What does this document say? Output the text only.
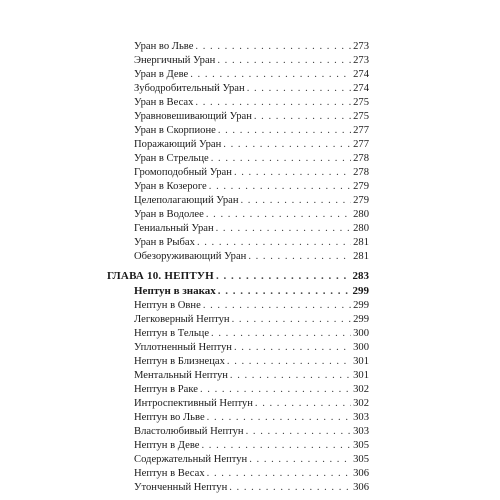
Уран во Льве . . .	273
Энергичный Уран . . .	273
Уран в Деве . . .	274
Зубодробительный Уран . . .	274
Уран в Весах . . .	275
Уравновешивающий Уран . . .	275
Уран в Скорпионе . . .	277
Поражающий Уран . . .	277
Уран в Стрельце . . .	278
Громоподобный Уран . . .	278
Уран в Козероге . . .	279
Целеполагающий Уран . . .	279
Уран в Водолее . . .	280
Гениальный Уран . . .	280
Уран в Рыбах . . .	281
Обезоруживающий Уран . . .	281
ГЛАВА 10. НЕПТУН . . .	283
Нептун в знаках . . .	299
Нептун в Овне . . .	299
Легковерный Нептун . . .	299
Нептун в Тельце . . .	300
Уплотненный Нептун . . .	300
Нептун в Близнецах . . .	301
Ментальный Нептун . . .	301
Нептун в Раке . . .	302
Интроспективный Нептун . . .	302
Нептун во Льве . . .	303
Властолюбивый Нептун . . .	303
Нептун в Деве . . .	305
Содержательный Нептун . . .	305
Нептун в Весах . . .	306
Утонченный Нептун . . .	306
